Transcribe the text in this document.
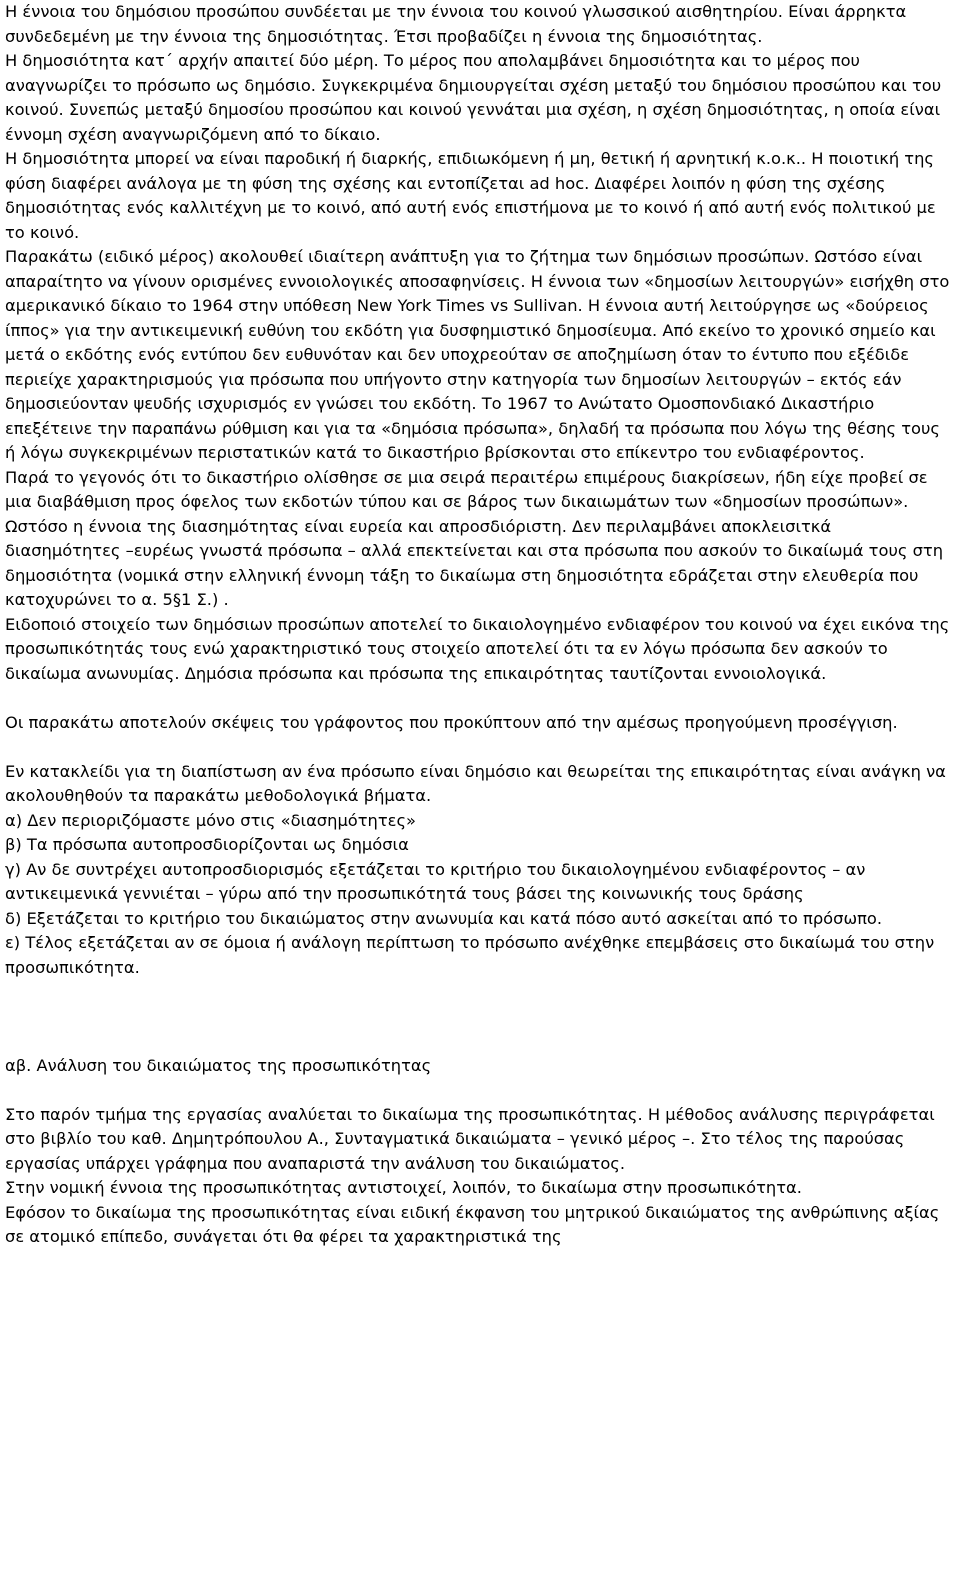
Η έννοια του δημόσιου προσώπου συνδέεται με την έννοια του κοινού γλωσσικού αισθητηρίου. Είναι άρρηκτα συνδεδεμένη με την έννοια της δημοσιότητας. Έτσι προβαδίζει η έννοια της δημοσιότητας.

Η δημοσιότητα κατ΄ αρχήν απαιτεί δύο μέρη. Το μέρος που απολαμβάνει δημοσιότητα και το μέρος που αναγνωρίζει το πρόσωπο ως δημόσιο. Συγκεκριμένα δημιουργείται σχέση μεταξύ του δημόσιου προσώπου και του κοινού. Συνεπώς μεταξύ δημοσίου προσώπου και κοινού γεννάται μια σχέση, η σχέση δημοσιότητας, η οποία είναι έννομη σχέση αναγνωριζόμενη από το δίκαιο.

Η δημοσιότητα μπορεί να είναι παροδική ή διαρκής, επιδιωκόμενη ή μη, θετική ή αρνητική κ.ο.κ.. Η ποιοτική της φύση διαφέρει ανάλογα με τη φύση της σχέσης και εντοπίζεται ad hoc. Διαφέρει λοιπόν η φύση της σχέσης δημοσιότητας ενός καλλιτέχνη με το κοινό, από αυτή ενός επιστήμονα με το κοινό ή από αυτή ενός πολιτικού με το κοινό.

Παρακάτω (ειδικό μέρος) ακολουθεί ιδιαίτερη ανάπτυξη για το ζήτημα των δημόσιων προσώπων. Ωστόσο είναι απαραίτητο να γίνουν ορισμένες εννοιολογικές αποσαφηνίσεις. Η έννοια των «δημοσίων λειτουργών» εισήχθη στο αμερικανικό δίκαιο το 1964 στην υπόθεση New York Times vs Sullivan. Η έννοια αυτή λειτούργησε ως «δούρειος ίππος» για την αντικειμενική ευθύνη του εκδότη για δυσφημιστικό δημοσίευμα. Από εκείνο το χρονικό σημείο και μετά ο εκδότης ενός εντύπου δεν ευθυνόταν και δεν υποχρεούταν σε αποζημίωση όταν το έντυπο που εξέδιδε περιείχε χαρακτηρισμούς για πρόσωπα που υπήγοντο στην κατηγορία των δημοσίων λειτουργών – εκτός εάν δημοσιεύονταν ψευδής ισχυρισμός εν γνώσει του εκδότη. Το 1967 το Ανώτατο Ομοσπονδιακό Δικαστήριο επεξέτεινε την παραπάνω ρύθμιση και για τα «δημόσια πρόσωπα», δηλαδή τα πρόσωπα που λόγω της θέσης τους ή λόγω συγκεκριμένων περιστατικών κατά το δικαστήριο βρίσκονται στο επίκεντρο του ενδιαφέροντος.

Παρά το γεγονός ότι το δικαστήριο ολίσθησε σε μια σειρά περαιτέρω επιμέρους διακρίσεων, ήδη είχε προβεί σε μια διαβάθμιση προς όφελος των εκδοτών τύπου και σε βάρος των δικαιωμάτων των «δημοσίων προσώπων». Ωστόσο η έννοια της διασημότητας είναι ευρεία και απροσδιόριστη. Δεν περιλαμβάνει αποκλεισιτκά διασημότητες –ευρέως γνωστά πρόσωπα – αλλά επεκτείνεται και στα πρόσωπα που ασκούν το δικαίωμά τους στη δημοσιότητα (νομικά στην ελληνική έννομη τάξη το δικαίωμα στη δημοσιότητα εδράζεται στην ελευθερία που κατοχυρώνει το α. 5§1 Σ.) .

Ειδοποιό στοιχείο των δημόσιων προσώπων αποτελεί το δικαιολογημένο ενδιαφέρον του κοινού να έχει εικόνα της προσωπικότητάς τους ενώ χαρακτηριστικό τους στοιχείο αποτελεί ότι τα εν λόγω πρόσωπα δεν ασκούν το δικαίωμα ανωνυμίας. Δημόσια πρόσωπα και πρόσωπα της επικαιρότητας ταυτίζονται εννοιολογικά.

Οι παρακάτω αποτελούν σκέψεις του γράφοντος που προκύπτουν από την αμέσως προηγούμενη προσέγγιση.

Εν κατακλείδι για τη διαπίστωση αν ένα πρόσωπο είναι δημόσιο και θεωρείται της επικαιρότητας είναι ανάγκη να ακολουθηθούν τα παρακάτω μεθοδολογικά βήματα.

α) Δεν περιοριζόμαστε μόνο στις «διασημότητες»

β) Τα πρόσωπα αυτοπροσδιορίζονται ως δημόσια

γ) Αν δε συντρέχει αυτοπροσδιορισμός εξετάζεται το κριτήριο του δικαιολογημένου ενδιαφέροντος – αν αντικειμενικά γεννιέται – γύρω από την προσωπικότητά τους βάσει της κοινωνικής τους δράσης

δ) Εξετάζεται το κριτήριο του δικαιώματος στην ανωνυμία και κατά πόσο αυτό ασκείται από το πρόσωπο.

ε) Τέλος εξετάζεται αν σε όμοια ή ανάλογη περίπτωση το πρόσωπο ανέχθηκε επεμβάσεις στο δικαίωμά του στην προσωπικότητα.

αβ. Ανάλυση του δικαιώματος της προσωπικότητας

Στο παρόν τμήμα της εργασίας αναλύεται το δικαίωμα της προσωπικότητας. Η μέθοδος ανάλυσης περιγράφεται στο βιβλίο του καθ. Δημητρόπουλου Α., Συνταγματικά δικαιώματα – γενικό μέρος –. Στο τέλος της παρούσας εργασίας υπάρχει γράφημα που αναπαριστά την ανάλυση του δικαιώματος.

Στην νομική έννοια της προσωπικότητας αντιστοιχεί, λοιπόν, το δικαίωμα στην προσωπικότητα.

Εφόσον το δικαίωμα της προσωπικότητας είναι ειδική έκφανση του μητρικού δικαιώματος της ανθρώπινης αξίας σε ατομικό επίπεδο, συνάγεται ότι θα φέρει τα χαρακτηριστικά της
